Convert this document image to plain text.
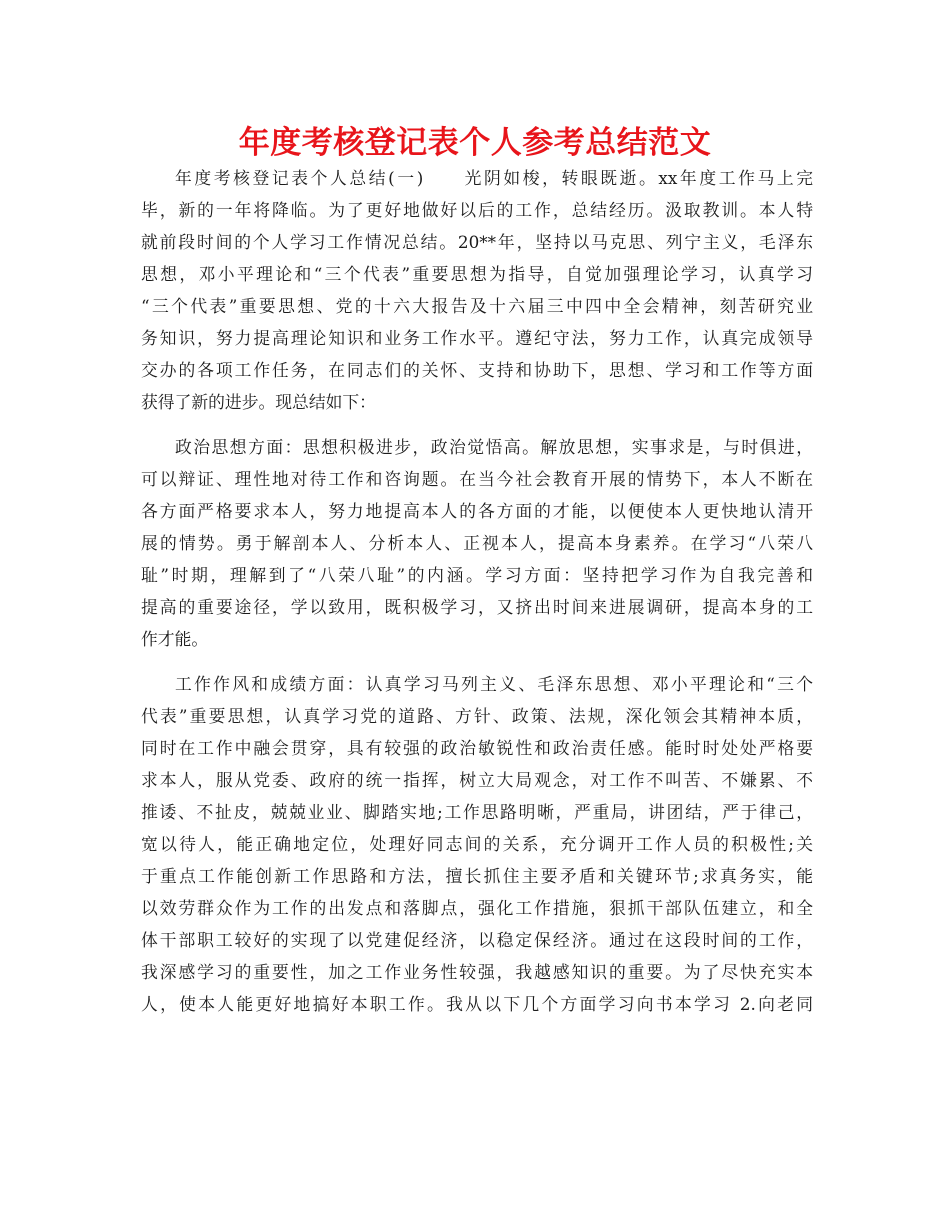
年度考核登记表个人参考总结范文
年度考核登记表个人总结(一)　　光阴如梭，转眼既逝。xx年度工作马上完
毕，新的一年将降临。为了更好地做好以后的工作，总结经历。汲取教训。本人特
就前段时间的个人学习工作情况总结。20**年，坚持以马克思、列宁主义，毛泽东
思想，邓小平理论和“三个代表”重要思想为指导，自觉加强理论学习，认真学习
“三个代表”重要思想、党的十六大报告及十六届三中四中全会精神，刻苦研究业
务知识，努力提高理论知识和业务工作水平。遵纪守法，努力工作，认真完成领导
交办的各项工作任务，在同志们的关怀、支持和协助下，思想、学习和工作等方面
获得了新的进步。现总结如下：
政治思想方面：思想积极进步，政治觉悟高。解放思想，实事求是，与时俱进，
可以辩证、理性地对待工作和咨询题。在当今社会教育开展的情势下，本人不断在
各方面严格要求本人，努力地提高本人的各方面的才能，以便使本人更快地认清开
展的情势。勇于解剖本人、分析本人、正视本人，提高本身素养。在学习“八荣八
耻”时期，理解到了“八荣八耻”的内涵。学习方面：坚持把学习作为自我完善和
提高的重要途径，学以致用，既积极学习，又挤出时间来进展调研，提高本身的工
作才能。
工作作风和成绩方面：认真学习马列主义、毛泽东思想、邓小平理论和“三个
代表”重要思想，认真学习党的道路、方针、政策、法规，深化领会其精神本质，
同时在工作中融会贯穿，具有较强的政治敏锐性和政治责任感。能时时处处严格要
求本人，服从党委、政府的统一指挥，树立大局观念，对工作不叫苦、不嫌累、不
推诿、不扯皮，兢兢业业、脚踏实地;工作思路明晰，严重局，讲团结，严于律己，
宽以待人，能正确地定位，处理好同志间的关系，充分调开工作人员的积极性;关
于重点工作能创新工作思路和方法，擅长抓住主要矛盾和关键环节;求真务实，能
以效劳群众作为工作的出发点和落脚点，强化工作措施，狠抓干部队伍建立，和全
体干部职工较好的实现了以党建促经济，以稳定保经济。通过在这段时间的工作，
我深感学习的重要性，加之工作业务性较强，我越感知识的重要。为了尽快充实本
人，使本人能更好地搞好本职工作。我从以下几个方面学习向书本学习 2.向老同
